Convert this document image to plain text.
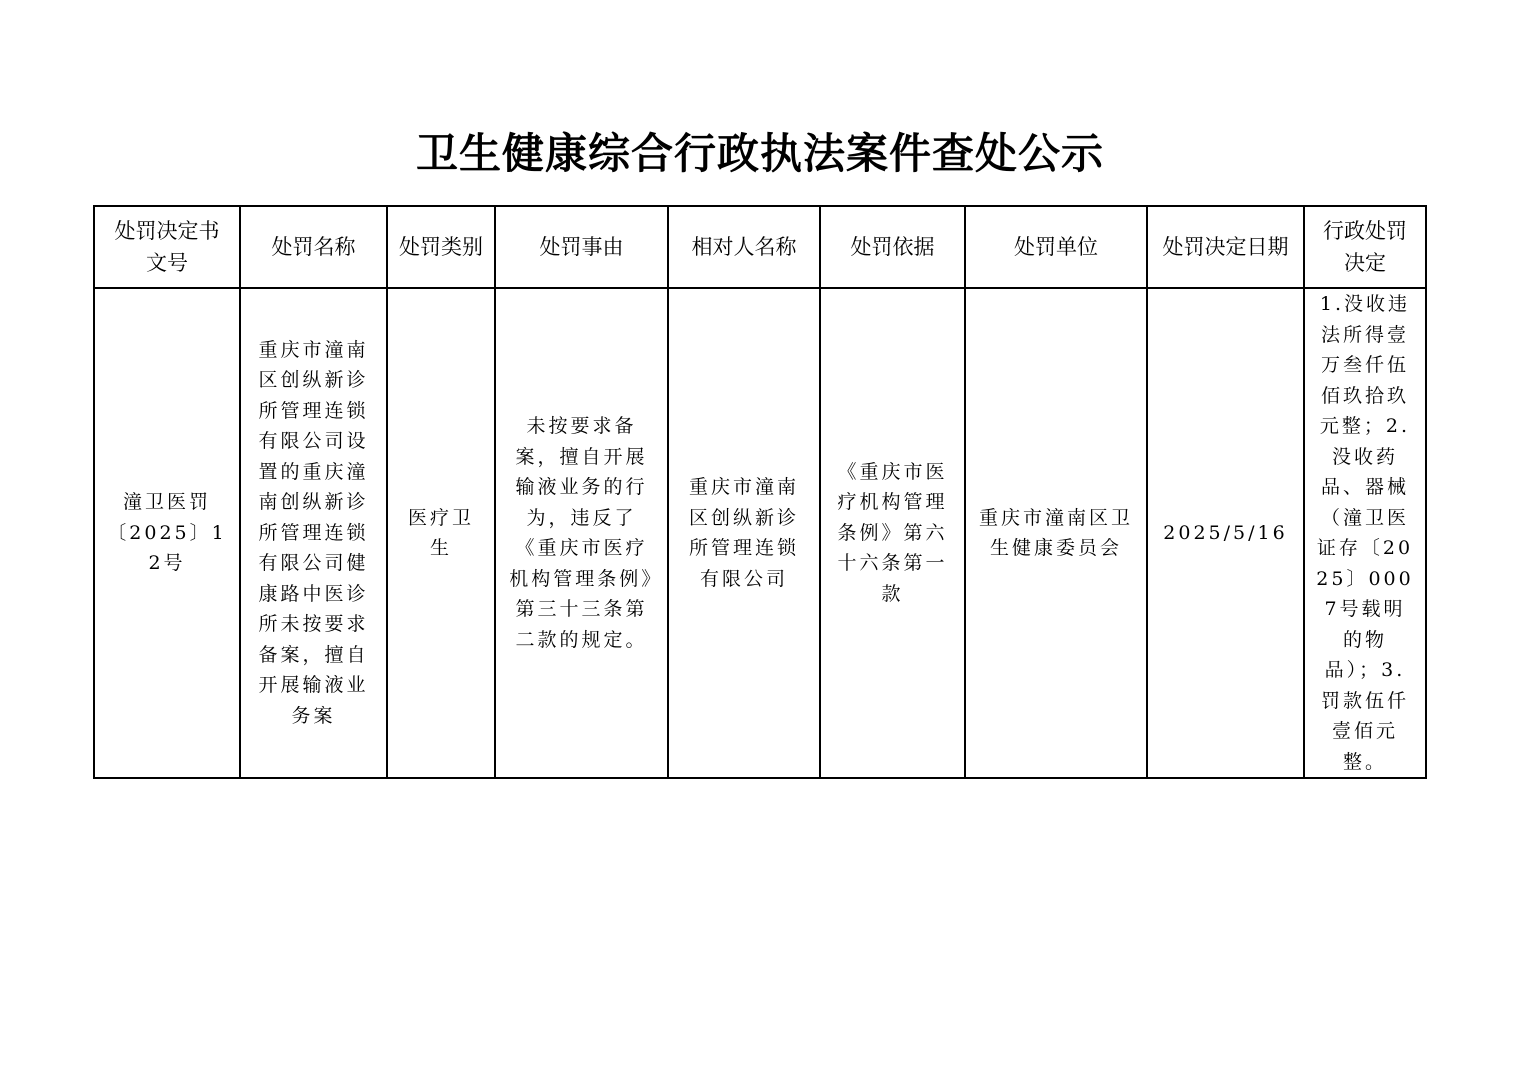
卫生健康综合行政执法案件查处公示
处罚决定书文号	处罚名称	处罚类别	处罚事由	相对人名称	处罚依据	处罚单位	处罚决定日期	行政处罚决定
潼卫医罚〔2025〕12号	重庆市潼南区创纵新诊所管理连锁有限公司设置的重庆潼南创纵新诊所管理连锁有限公司健康路中医诊所未按要求备案，擅自开展输液业务案	医疗卫生	未按要求备案，擅自开展输液业务的行为，违反了《重庆市医疗机构管理条例》第三十三条第二款的规定。	重庆市潼南区创纵新诊所管理连锁有限公司	《重庆市医疗机构管理条例》第六十六条第一款	重庆市潼南区卫生健康委员会	2025/5/16	1.没收违法所得壹万叁仟伍佰玖拾玖元整；2.没收药品、器械（潼卫医证存〔2025〕0007号载明的物品）；3.罚款伍仟壹佰元整。
